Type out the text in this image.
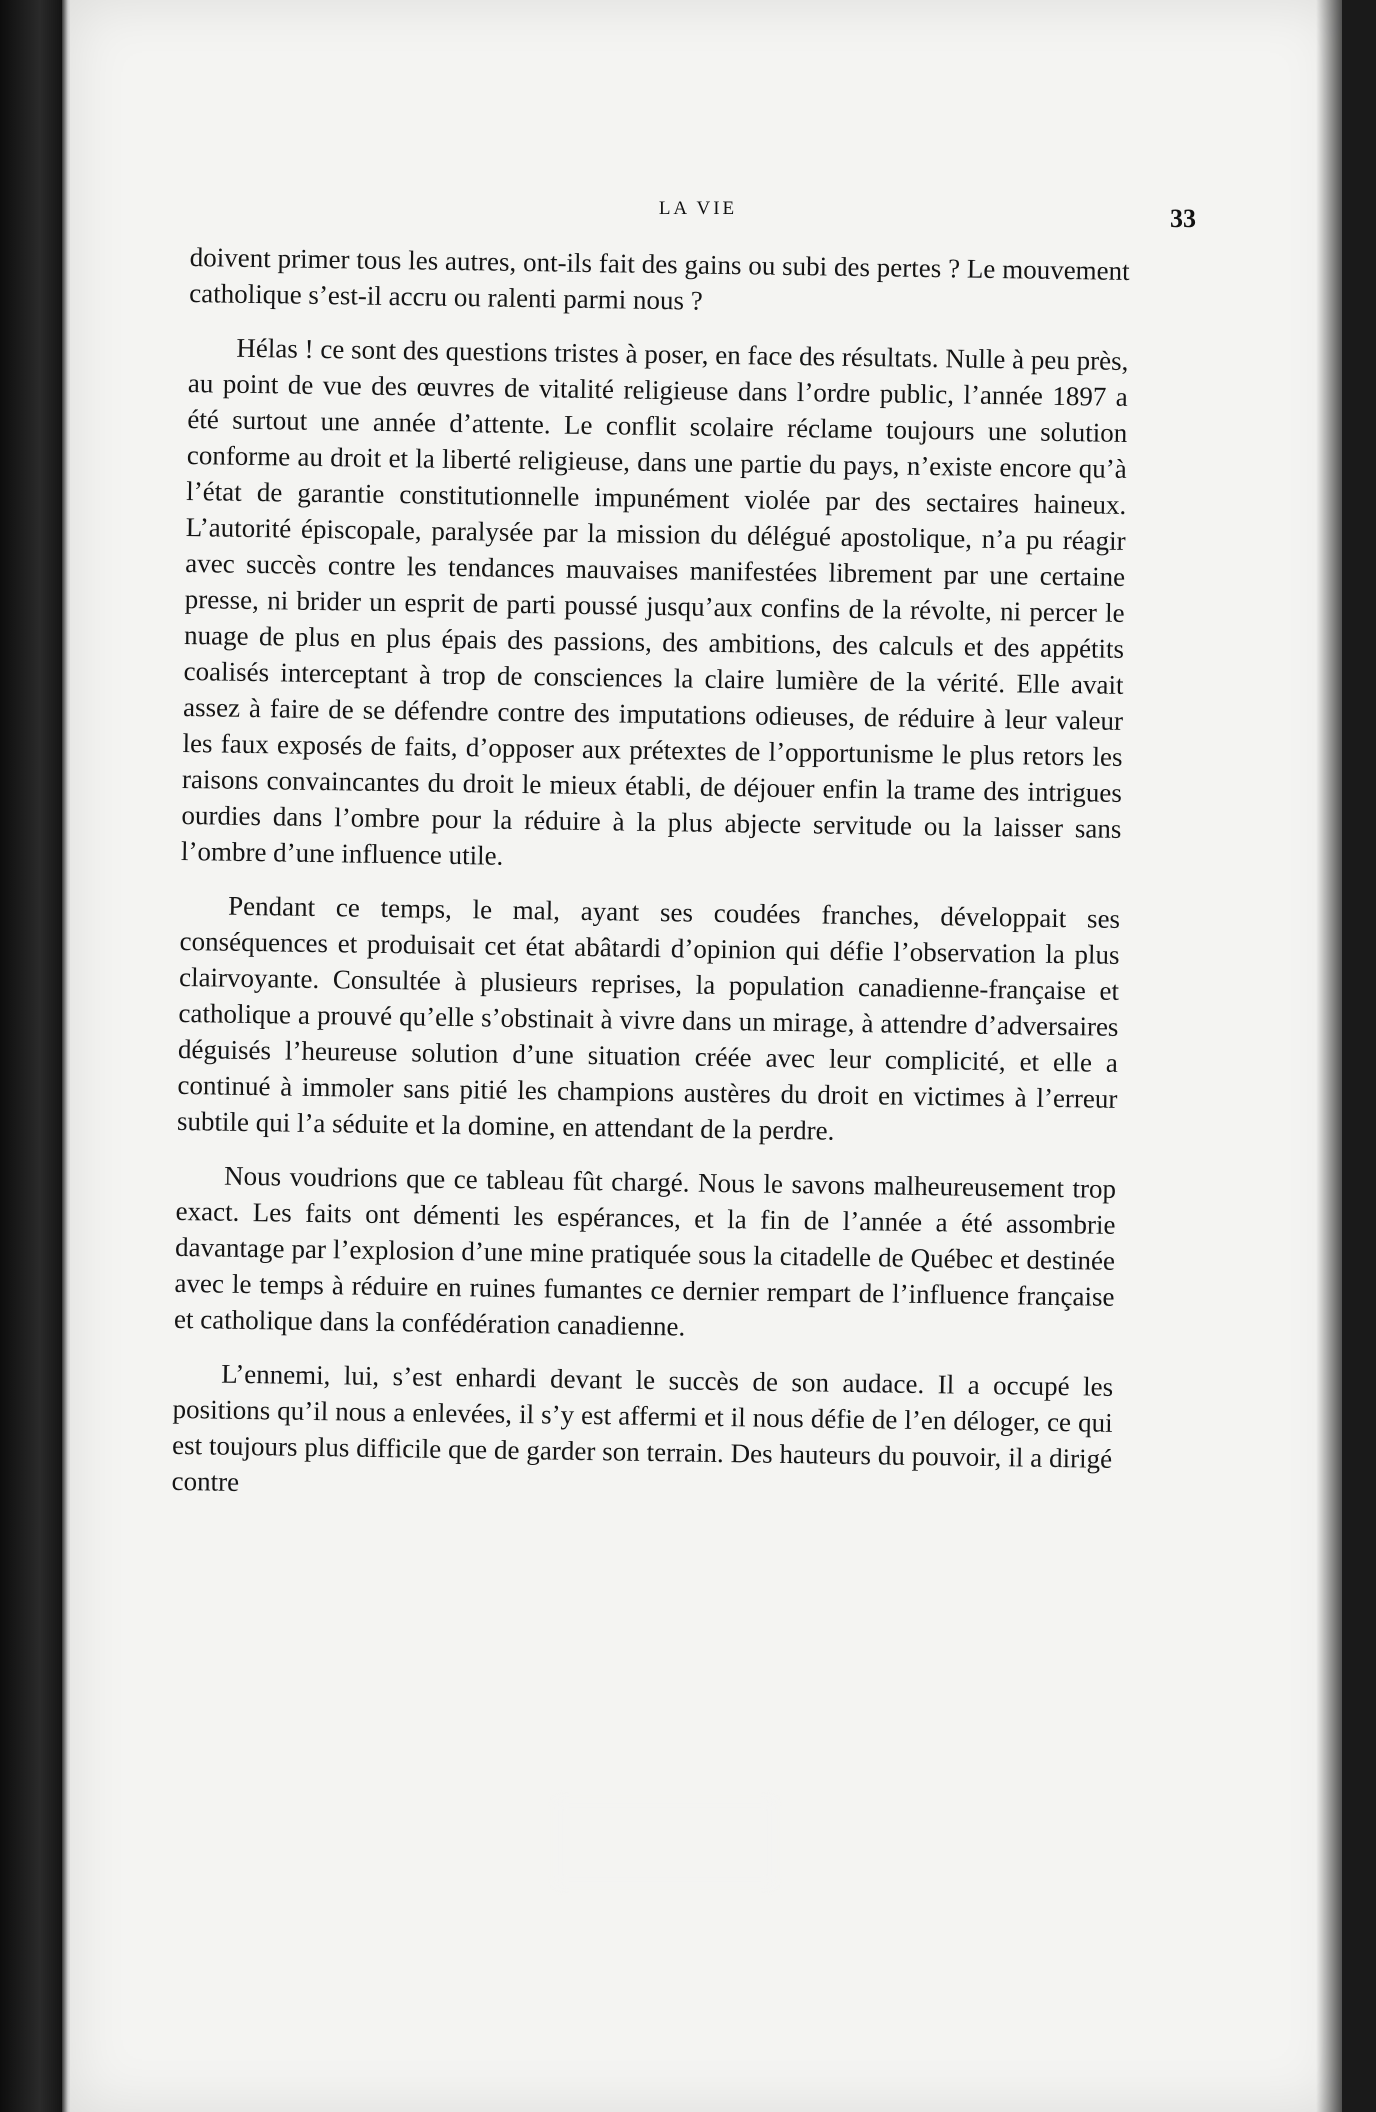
LA VIE	33

doivent primer tous les autres, ont-ils fait des gains ou subi des pertes ? Le mouvement catholique s’est-il accru ou ralenti parmi nous ?

Hélas ! ce sont des questions tristes à poser, en face des résultats. Nulle à peu près, au point de vue des œuvres de vitalité religieuse dans l’ordre public, l’année 1897 a été surtout une année d’attente. Le conflit scolaire réclame toujours une solution conforme au droit et la liberté religieuse, dans une partie du pays, n’existe encore qu’à l’état de garantie constitutionnelle impunément violée par des sectaires haineux. L’autorité épiscopale, paralysée par la mission du délégué apostolique, n’a pu réagir avec succès contre les tendances mauvaises manifestées librement par une certaine presse, ni brider un esprit de parti poussé jusqu’aux confins de la révolte, ni percer le nuage de plus en plus épais des passions, des ambitions, des calculs et des appétits coalisés interceptant à trop de consciences la claire lumière de la vérité. Elle avait assez à faire de se défendre contre des imputations odieuses, de réduire à leur valeur les faux exposés de faits, d’opposer aux prétextes de l’opportunisme le plus retors les raisons convaincantes du droit le mieux établi, de déjouer enfin la trame des intrigues ourdies dans l’ombre pour la réduire à la plus abjecte servitude ou la laisser sans l’ombre d’une influence utile.

Pendant ce temps, le mal, ayant ses coudées franches, développait ses conséquences et produisait cet état abâtardi d’opinion qui défie l’observation la plus clairvoyante. Consultée à plusieurs reprises, la population canadienne-française et catholique a prouvé qu’elle s’obstinait à vivre dans un mirage, à attendre d’adversaires déguisés l’heureuse solution d’une situation créée avec leur complicité, et elle a continué à immoler sans pitié les champions austères du droit en victimes à l’erreur subtile qui l’a séduite et la domine, en attendant de la perdre.

Nous voudrions que ce tableau fût chargé. Nous le savons malheureusement trop exact. Les faits ont démenti les espérances, et la fin de l’année a été assombrie davantage par l’explosion d’une mine pratiquée sous la citadelle de Québec et destinée avec le temps à réduire en ruines fumantes ce dernier rempart de l’influence française et catholique dans la confédération canadienne.

L’ennemi, lui, s’est enhardi devant le succès de son audace. Il a occupé les positions qu’il nous a enlevées, il s’y est affermi et il nous défie de l’en déloger, ce qui est toujours plus difficile que de garder son terrain. Des hauteurs du pouvoir, il a dirigé contre
